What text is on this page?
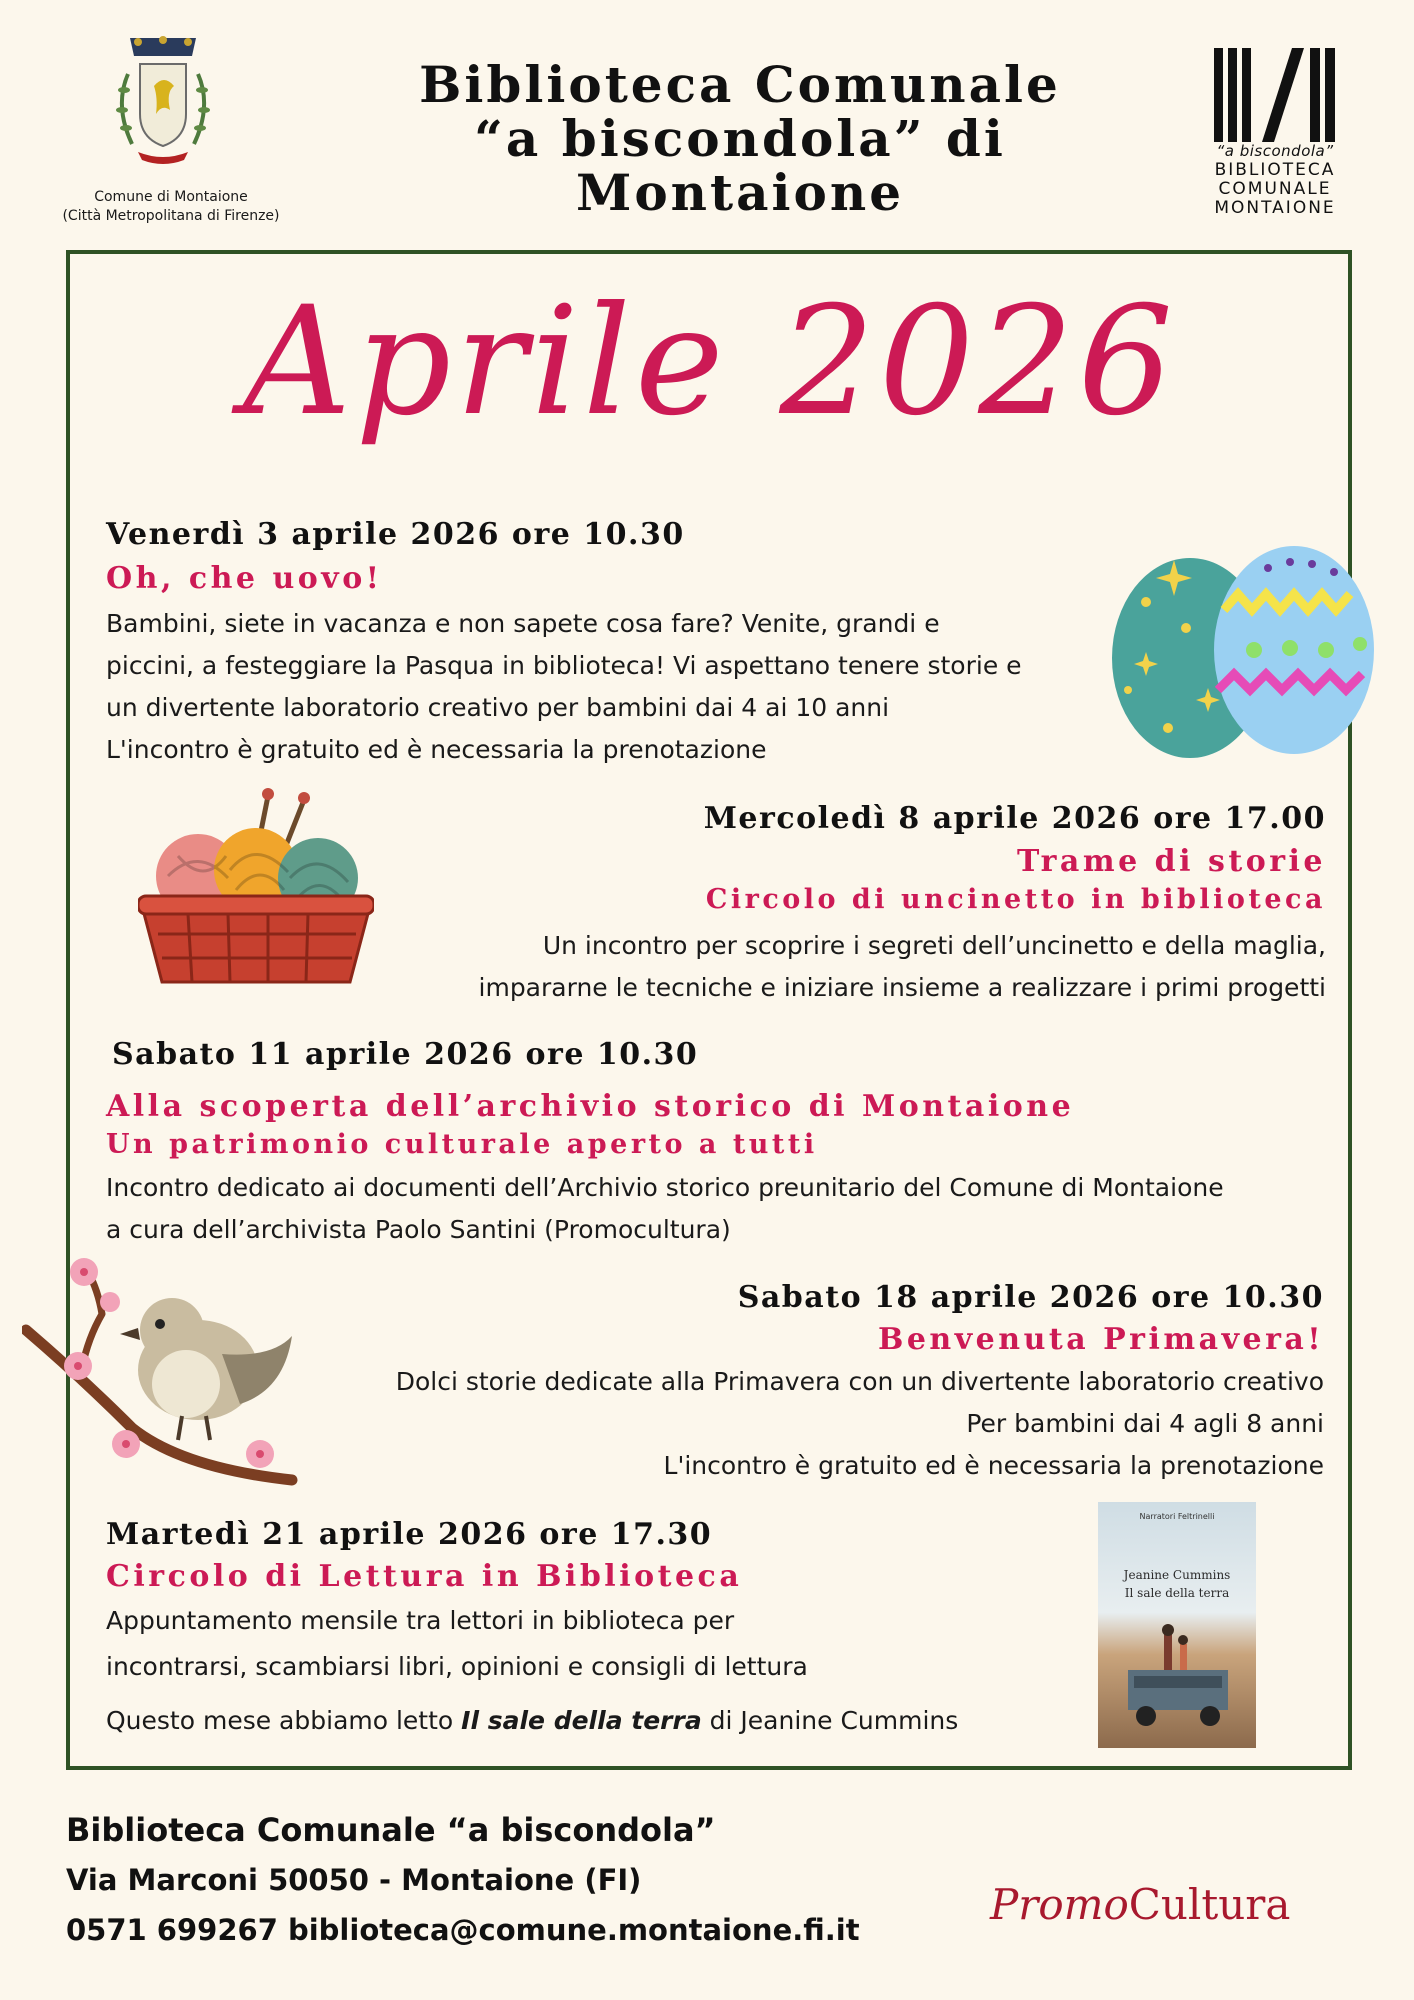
Comune di Montaione
(Città Metropolitana di Firenze)
Biblioteca Comunale
“a biscondola” di Montaione
“a biscondola”
BIBLIOTECA
COMUNALE
MONTAIONE
Aprile 2026
Venerdì 3 aprile 2026 ore 10.30
Oh, che uovo!
Bambini, siete in vacanza e non sapete cosa fare? Venite, grandi e
piccini, a festeggiare la Pasqua in biblioteca! Vi aspettano tenere storie e
un divertente laboratorio creativo per bambini dai 4 ai 10 anni
L'incontro è gratuito ed è necessaria la prenotazione
Mercoledì 8 aprile 2026 ore 17.00
Trame di storie
Circolo di uncinetto in biblioteca
Un incontro per scoprire i segreti dell’uncinetto e della maglia,
impararne le tecniche e iniziare insieme a realizzare i primi progetti
Sabato 11 aprile 2026 ore 10.30
Alla scoperta dell’archivio storico di Montaione
Un patrimonio culturale aperto a tutti
Incontro dedicato ai documenti dell’Archivio storico preunitario del Comune di Montaione
a cura dell’archivista Paolo Santini (Promocultura)
Sabato 18 aprile 2026 ore 10.30
Benvenuta Primavera!
Dolci storie dedicate alla Primavera con un divertente laboratorio creativo
Per bambini dai 4 agli 8 anni
L'incontro è gratuito ed è necessaria la prenotazione
Martedì 21 aprile 2026 ore 17.30
Circolo di Lettura in Biblioteca
Appuntamento mensile tra lettori in biblioteca per
incontrarsi, scambiarsi libri, opinioni e consigli di lettura
Questo mese abbiamo letto Il sale della terra di Jeanine Cummins
Narratori Feltrinelli
Jeanine Cummins
Il sale della terra
Biblioteca Comunale “a biscondola”
Via Marconi 50050 - Montaione (FI)
0571 699267 biblioteca@comune.montaione.fi.it
PromoCultura
